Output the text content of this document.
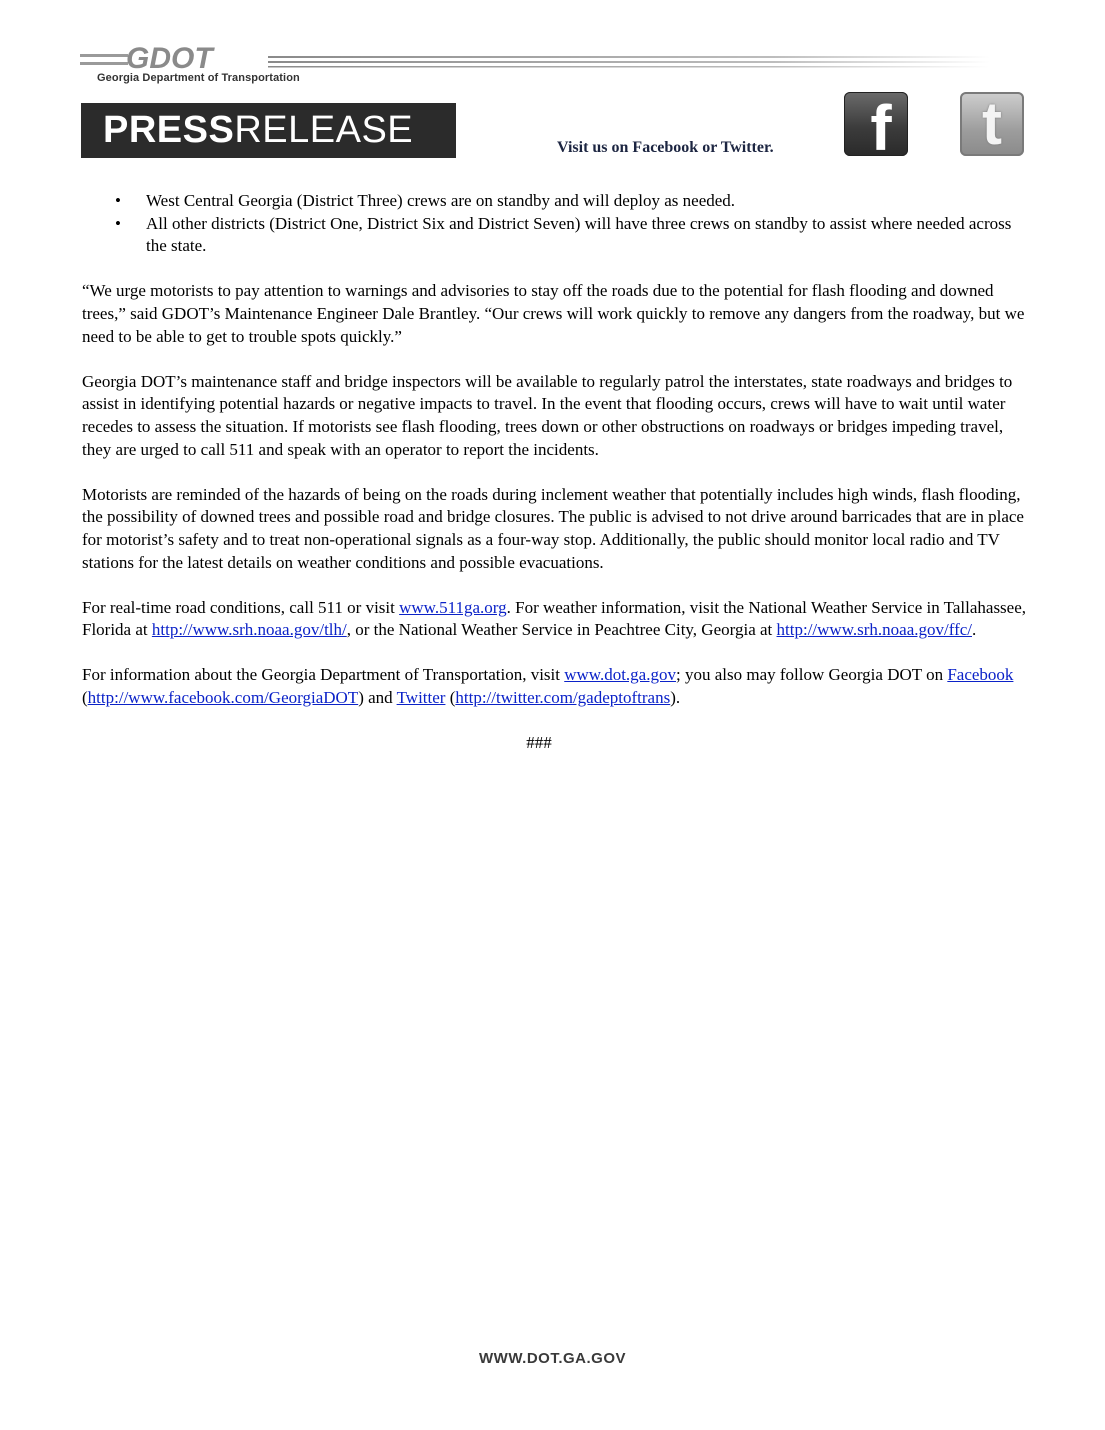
GDOT
Georgia Department of Transportation
PRESSRELEASE	Visit us on Facebook or Twitter.	f	t
• West Central Georgia (District Three) crews are on standby and will deploy as needed.
• All other districts (District One, District Six and District Seven) will have three crews on standby to assist where needed across the state.

“We urge motorists to pay attention to warnings and advisories to stay off the roads due to the potential for flash flooding and downed trees,” said GDOT’s Maintenance Engineer Dale Brantley. “Our crews will work quickly to remove any dangers from the roadway, but we need to be able to get to trouble spots quickly.”

Georgia DOT’s maintenance staff and bridge inspectors will be available to regularly patrol the interstates, state roadways and bridges to assist in identifying potential hazards or negative impacts to travel. In the event that flooding occurs, crews will have to wait until water recedes to assess the situation. If motorists see flash flooding, trees down or other obstructions on roadways or bridges impeding travel, they are urged to call 511 and speak with an operator to report the incidents.

Motorists are reminded of the hazards of being on the roads during inclement weather that potentially includes high winds, flash flooding, the possibility of downed trees and possible road and bridge closures. The public is advised to not drive around barricades that are in place for motorist’s safety and to treat non-operational signals as a four-way stop. Additionally, the public should monitor local radio and TV stations for the latest details on weather conditions and possible evacuations.

For real-time road conditions, call 511 or visit www.511ga.org. For weather information, visit the National Weather Service in Tallahassee, Florida at http://www.srh.noaa.gov/tlh/, or the National Weather Service in Peachtree City, Georgia at http://www.srh.noaa.gov/ffc/.

For information about the Georgia Department of Transportation, visit www.dot.ga.gov; you also may follow Georgia DOT on Facebook (http://www.facebook.com/GeorgiaDOT) and Twitter (http://twitter.com/gadeptoftrans).

###
WWW.DOT.GA.GOV
